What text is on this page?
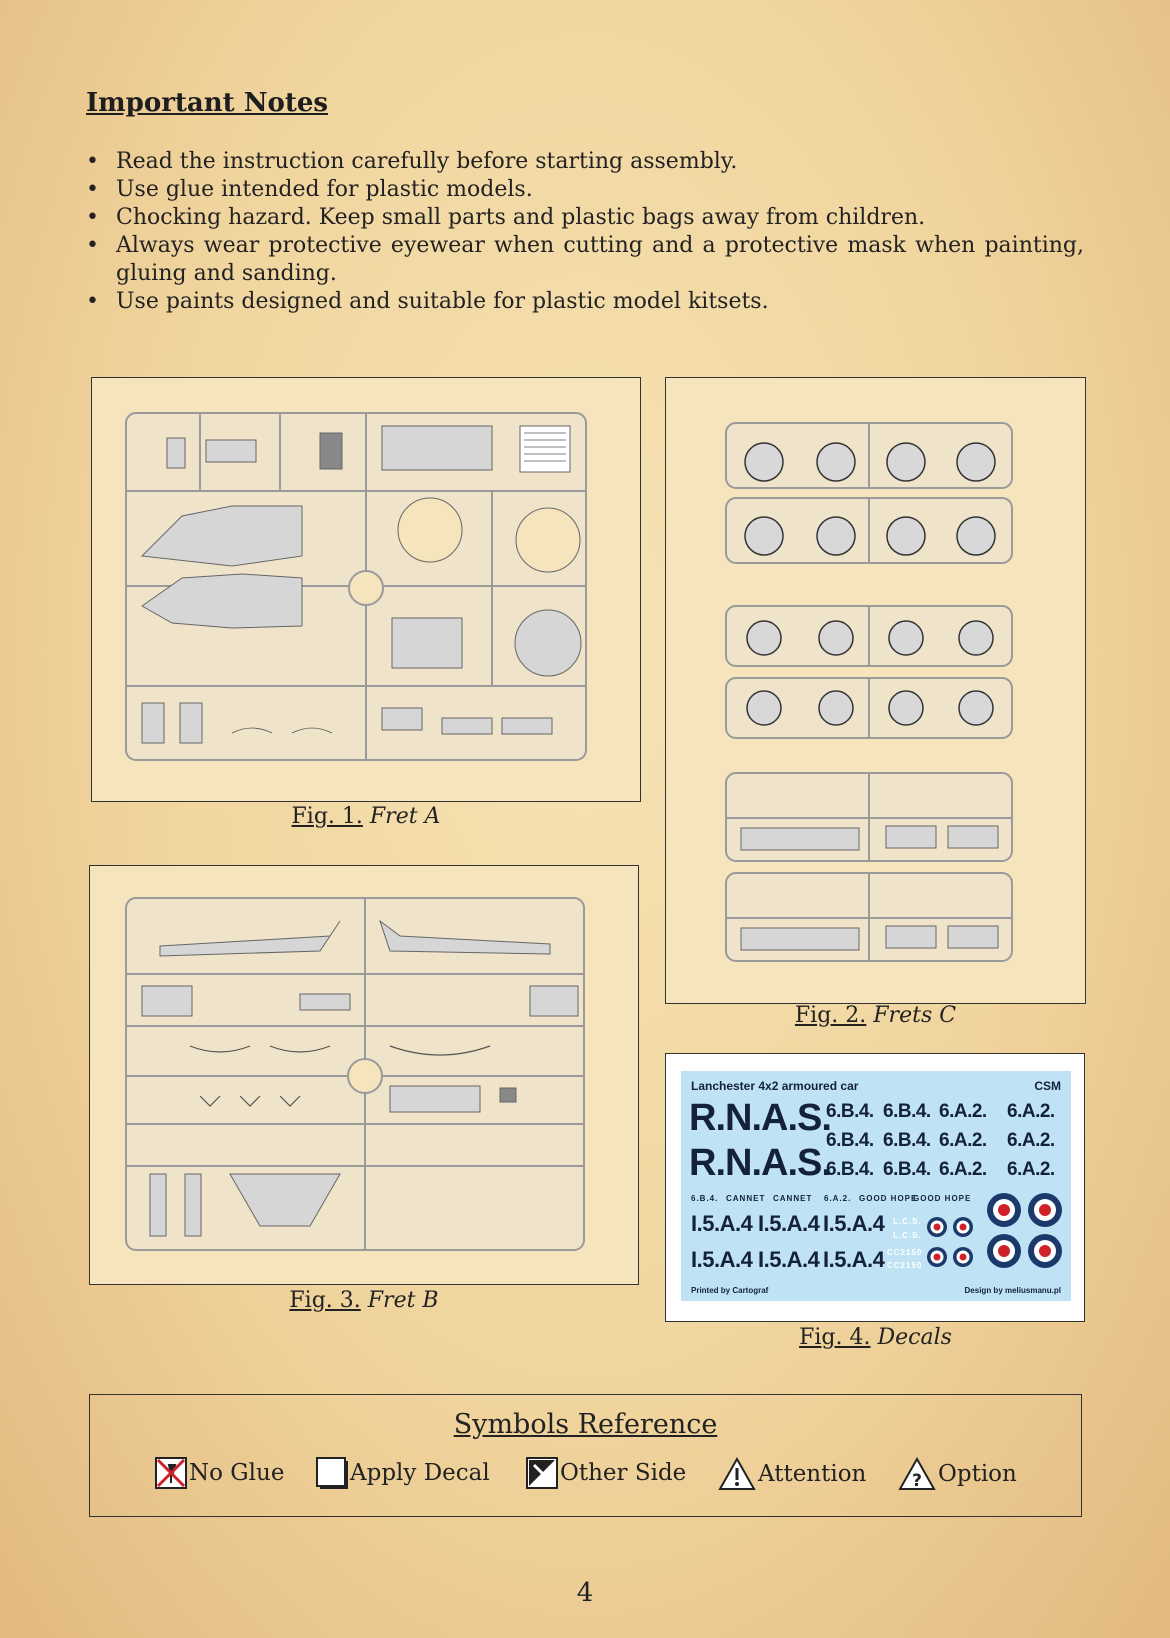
Important Notes
• Read the instruction carefully before starting assembly.
• Use glue intended for plastic models.
• Chocking hazard. Keep small parts and plastic bags away from children.
• Always wear protective eyewear when cutting and a protective mask when painting, gluing and sanding.
• Use paints designed and suitable for plastic model kitsets.
Fig. 1. Fret A
Fig. 2. Frets C
Fig. 3. Fret B
Lanchester 4x2 armoured car	CSM
R.N.A.S.
R.N.A.S.
6.B.4. 6.B.4. 6.A.2. 6.A.2.
6.B.4. 6.B.4. 6.A.2. 6.A.2.
6.B.4. 6.B.4. 6.A.2. 6.A.2.
6.B.4. CANNET CANNET 6.A.2. GOOD HOPE
GOOD HOPE
I.5.A.4 I.5.A.4 I.5.A.4
I.5.A.4 I.5.A.4 I.5.A.4
L.C.S.
L.C.S.
CC2150
CC2150
Printed by Cartograf	Design by meliusmanu.pl
Fig. 4. Decals
Symbols Reference
No Glue	Apply Decal	Other Side	Attention	? Option
4
